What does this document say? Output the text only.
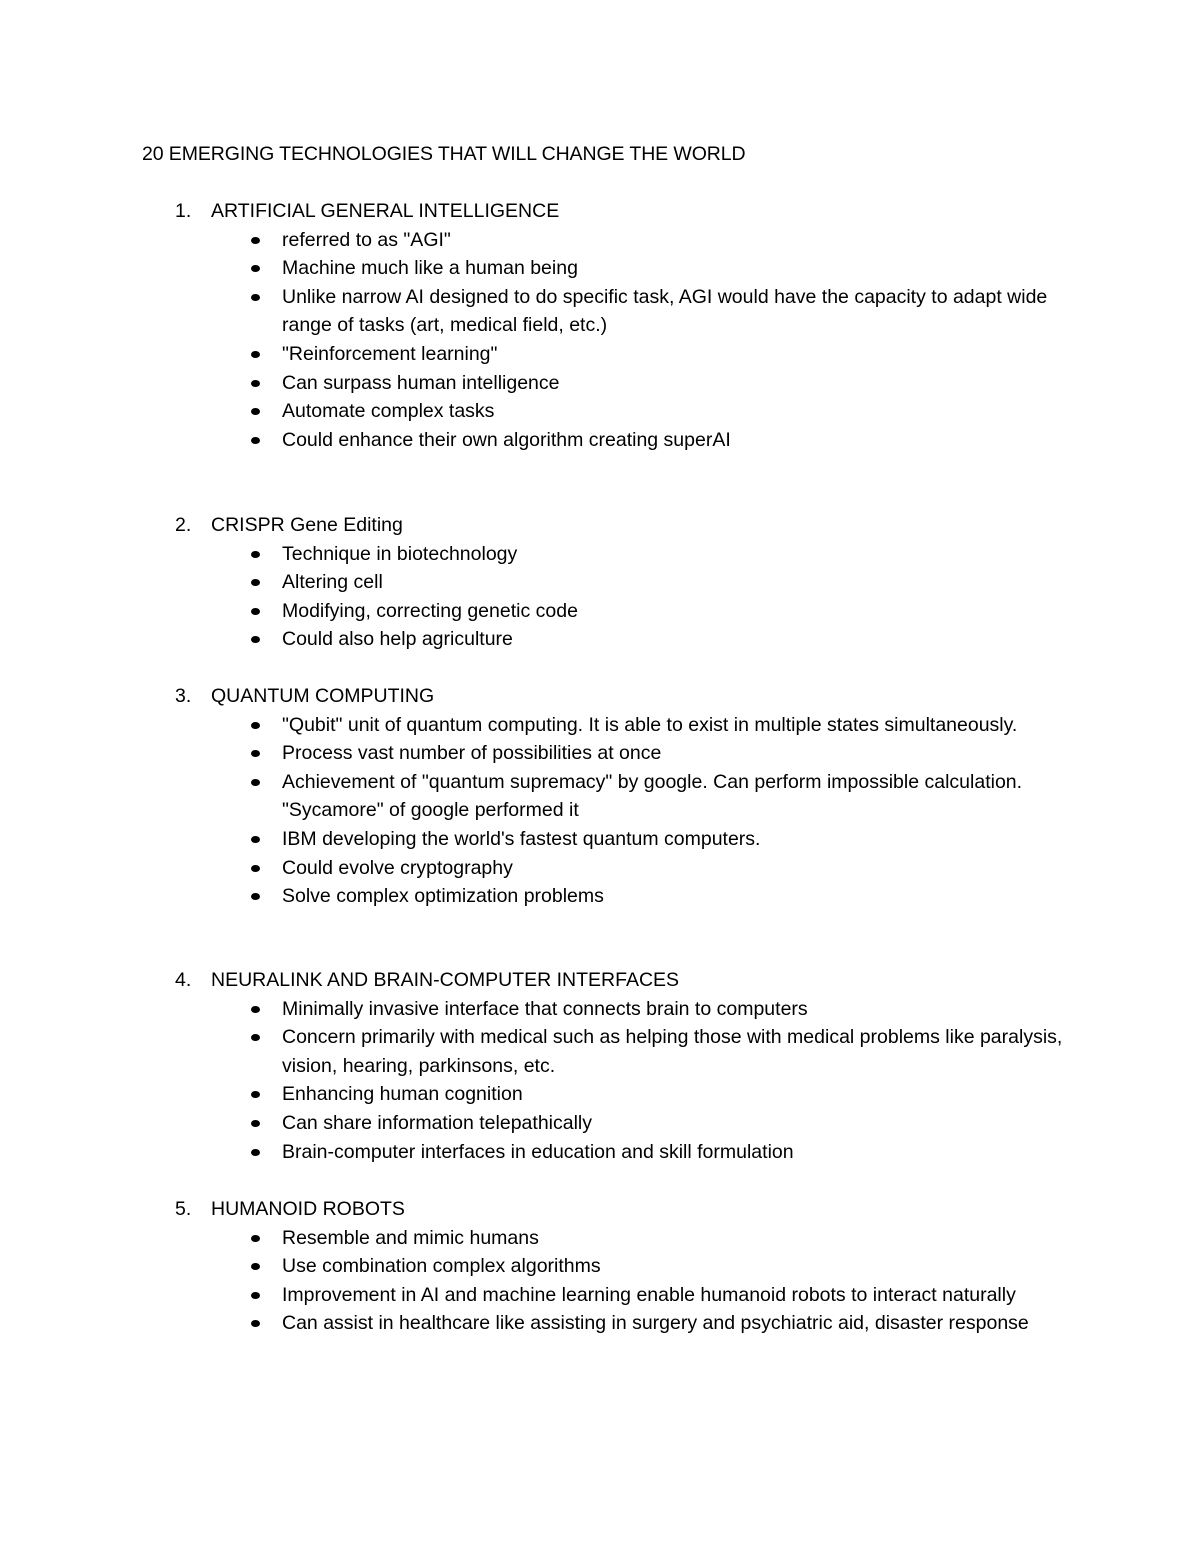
20 EMERGING TECHNOLOGIES THAT WILL CHANGE THE WORLD
1. ARTIFICIAL GENERAL INTELLIGENCE
referred to as "AGI"
Machine much like a human being
Unlike narrow AI designed to do specific task, AGI would have the capacity to adapt wide range of tasks (art, medical field, etc.)
"Reinforcement learning"
Can surpass human intelligence
Automate complex tasks
Could enhance their own algorithm creating superAI
2. CRISPR Gene Editing
Technique in biotechnology
Altering cell
Modifying, correcting genetic code
Could also help agriculture
3. QUANTUM COMPUTING
"Qubit" unit of quantum computing. It is able to exist in multiple states simultaneously.
Process vast number of possibilities at once
Achievement of "quantum supremacy" by google. Can perform impossible calculation. "Sycamore" of google performed it
IBM developing the world's fastest quantum computers.
Could evolve cryptography
Solve complex optimization problems
4. NEURALINK AND BRAIN-COMPUTER INTERFACES
Minimally invasive interface that connects brain to computers
Concern primarily with medical such as helping those with medical problems like paralysis, vision, hearing, parkinsons, etc.
Enhancing human cognition
Can share information telepathically
Brain-computer interfaces in education and skill formulation
5. HUMANOID ROBOTS
Resemble and mimic humans
Use combination complex algorithms
Improvement in AI and machine learning enable humanoid robots to interact naturally
Can assist in healthcare like assisting in surgery and psychiatric aid, disaster response
